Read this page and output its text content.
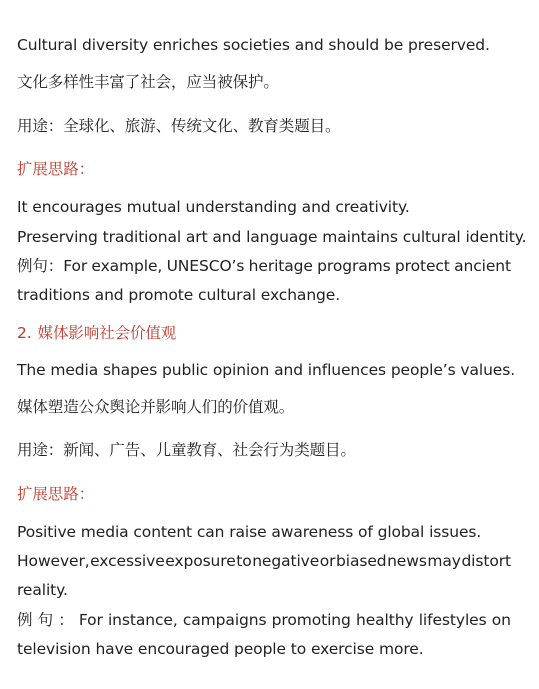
Cultural diversity enriches societies and should be preserved.
文化多样性丰富了社会，应当被保护。
用途：全球化、旅游、传统文化、教育类题目。
扩展思路：
It encourages mutual understanding and creativity.
Preserving traditional art and language maintains cultural identity.
例句：For example, UNESCO’s heritage programs protect ancient
traditions and promote cultural exchange.
2. 媒体影响社会价值观
The media shapes public opinion and influences people’s values.
媒体塑造公众舆论并影响人们的价值观。
用途：新闻、广告、儿童教育、社会行为类题目。
扩展思路：
Positive media content can raise awareness of global issues.
However, excessive exposure to negative or biased news may distort
reality.
例 句 ： For instance, campaigns promoting healthy lifestyles on
television have encouraged people to exercise more.
